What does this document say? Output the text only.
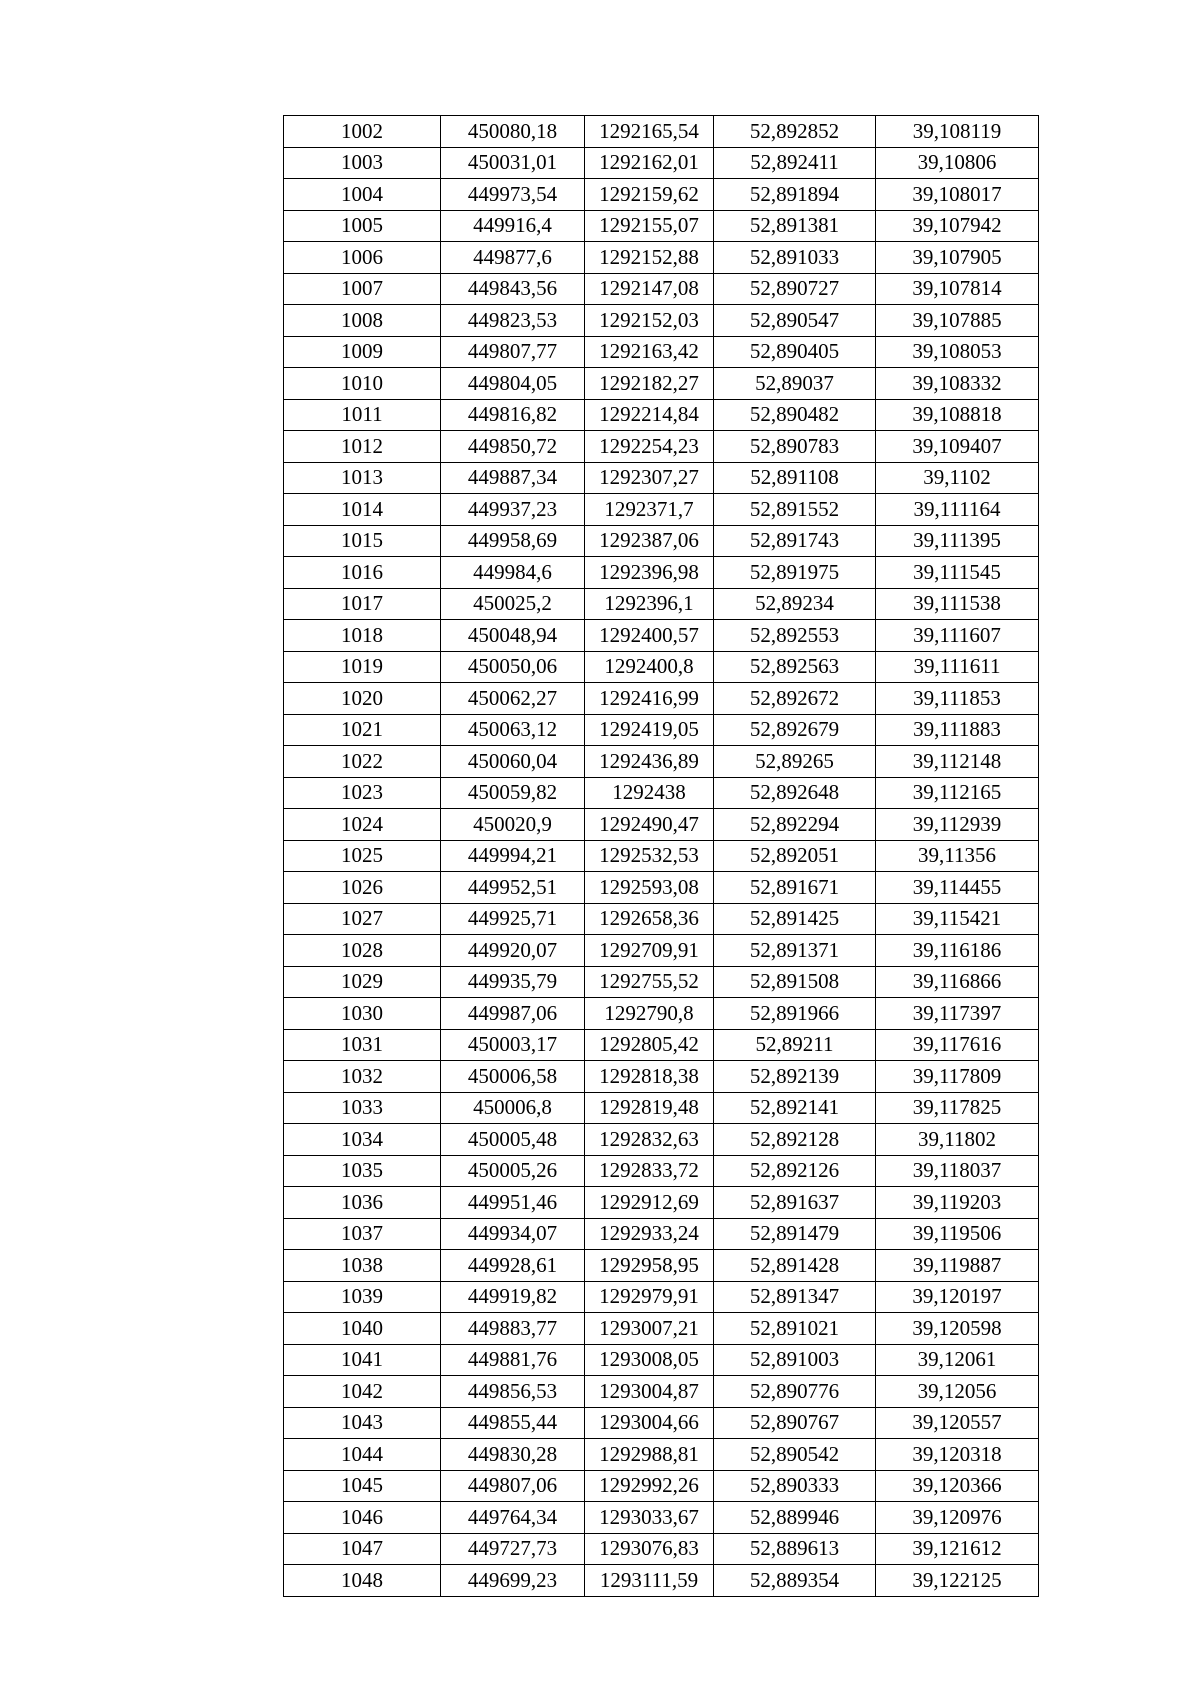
1002	450080,18	1292165,54	52,892852	39,108119
1003	450031,01	1292162,01	52,892411	39,10806
1004	449973,54	1292159,62	52,891894	39,108017
1005	449916,4	1292155,07	52,891381	39,107942
1006	449877,6	1292152,88	52,891033	39,107905
1007	449843,56	1292147,08	52,890727	39,107814
1008	449823,53	1292152,03	52,890547	39,107885
1009	449807,77	1292163,42	52,890405	39,108053
1010	449804,05	1292182,27	52,89037	39,108332
1011	449816,82	1292214,84	52,890482	39,108818
1012	449850,72	1292254,23	52,890783	39,109407
1013	449887,34	1292307,27	52,891108	39,1102
1014	449937,23	1292371,7	52,891552	39,111164
1015	449958,69	1292387,06	52,891743	39,111395
1016	449984,6	1292396,98	52,891975	39,111545
1017	450025,2	1292396,1	52,89234	39,111538
1018	450048,94	1292400,57	52,892553	39,111607
1019	450050,06	1292400,8	52,892563	39,111611
1020	450062,27	1292416,99	52,892672	39,111853
1021	450063,12	1292419,05	52,892679	39,111883
1022	450060,04	1292436,89	52,89265	39,112148
1023	450059,82	1292438	52,892648	39,112165
1024	450020,9	1292490,47	52,892294	39,112939
1025	449994,21	1292532,53	52,892051	39,11356
1026	449952,51	1292593,08	52,891671	39,114455
1027	449925,71	1292658,36	52,891425	39,115421
1028	449920,07	1292709,91	52,891371	39,116186
1029	449935,79	1292755,52	52,891508	39,116866
1030	449987,06	1292790,8	52,891966	39,117397
1031	450003,17	1292805,42	52,89211	39,117616
1032	450006,58	1292818,38	52,892139	39,117809
1033	450006,8	1292819,48	52,892141	39,117825
1034	450005,48	1292832,63	52,892128	39,11802
1035	450005,26	1292833,72	52,892126	39,118037
1036	449951,46	1292912,69	52,891637	39,119203
1037	449934,07	1292933,24	52,891479	39,119506
1038	449928,61	1292958,95	52,891428	39,119887
1039	449919,82	1292979,91	52,891347	39,120197
1040	449883,77	1293007,21	52,891021	39,120598
1041	449881,76	1293008,05	52,891003	39,12061
1042	449856,53	1293004,87	52,890776	39,12056
1043	449855,44	1293004,66	52,890767	39,120557
1044	449830,28	1292988,81	52,890542	39,120318
1045	449807,06	1292992,26	52,890333	39,120366
1046	449764,34	1293033,67	52,889946	39,120976
1047	449727,73	1293076,83	52,889613	39,121612
1048	449699,23	1293111,59	52,889354	39,122125
